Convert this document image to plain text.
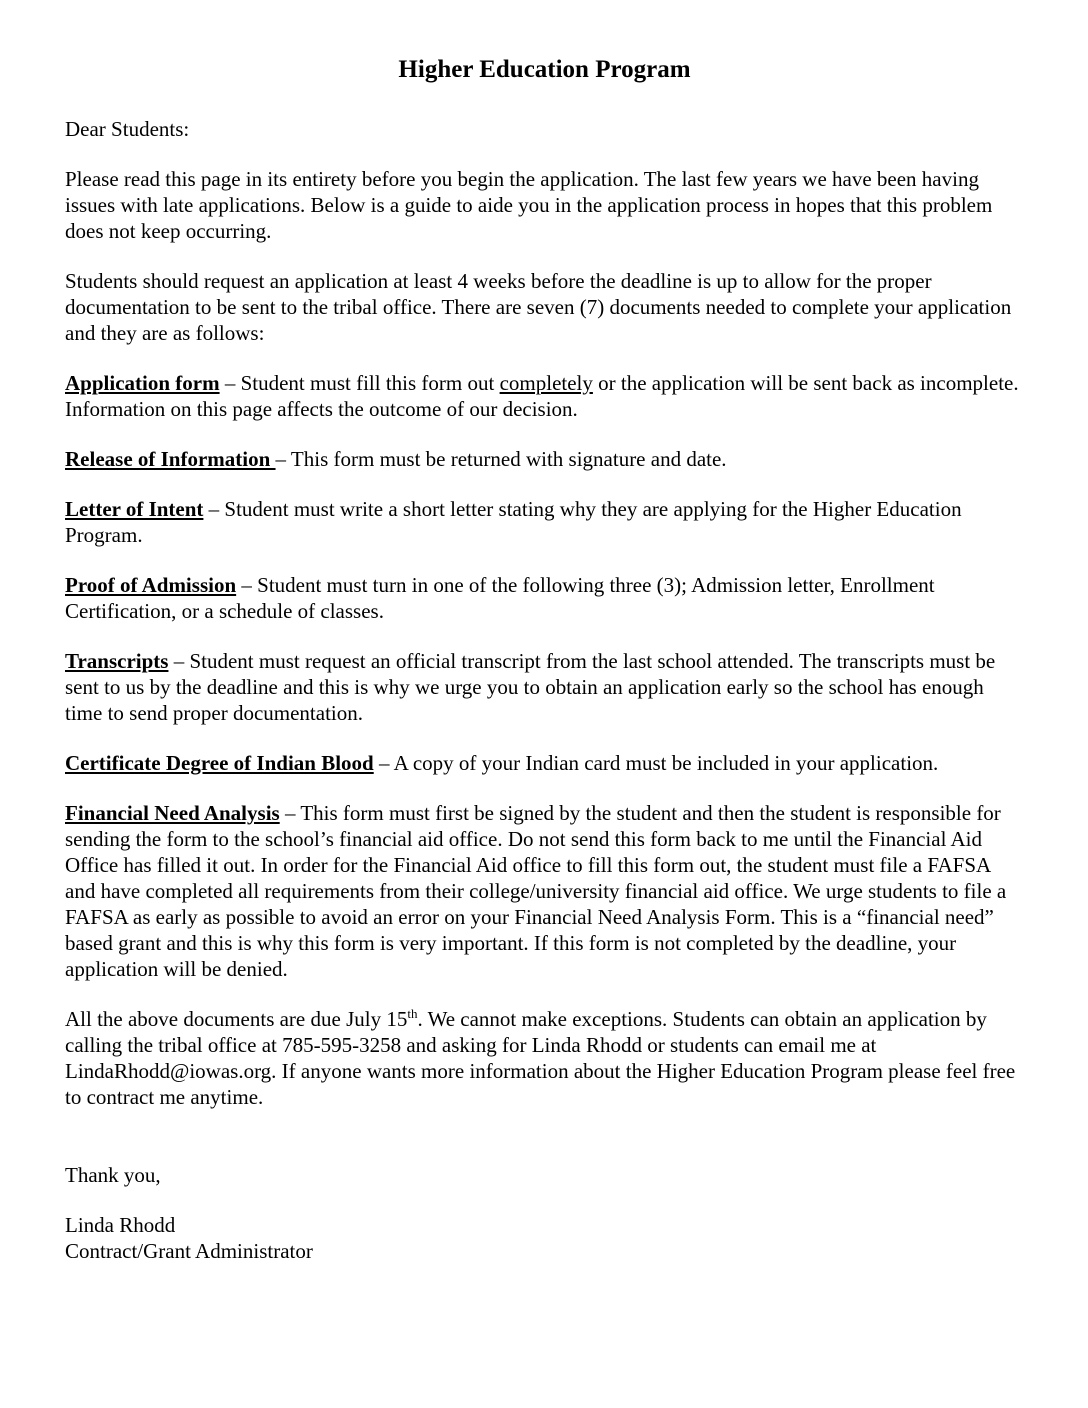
Higher Education Program

Dear Students:

Please read this page in its entirety before you begin the application. The last few years we have been having issues with late applications. Below is a guide to aide you in the application process in hopes that this problem does not keep occurring.

Students should request an application at least 4 weeks before the deadline is up to allow for the proper documentation to be sent to the tribal office. There are seven (7) documents needed to complete your application and they are as follows:

Application form – Student must fill this form out completely or the application will be sent back as incomplete. Information on this page affects the outcome of our decision.

Release of Information – This form must be returned with signature and date.

Letter of Intent – Student must write a short letter stating why they are applying for the Higher Education Program.

Proof of Admission – Student must turn in one of the following three (3); Admission letter, Enrollment Certification, or a schedule of classes.

Transcripts – Student must request an official transcript from the last school attended. The transcripts must be sent to us by the deadline and this is why we urge you to obtain an application early so the school has enough time to send proper documentation.

Certificate Degree of Indian Blood – A copy of your Indian card must be included in your application.

Financial Need Analysis – This form must first be signed by the student and then the student is responsible for sending the form to the school’s financial aid office. Do not send this form back to me until the Financial Aid Office has filled it out. In order for the Financial Aid office to fill this form out, the student must file a FAFSA and have completed all requirements from their college/university financial aid office. We urge students to file a FAFSA as early as possible to avoid an error on your Financial Need Analysis Form. This is a “financial need” based grant and this is why this form is very important. If this form is not completed by the deadline, your application will be denied.

All the above documents are due July 15th. We cannot make exceptions. Students can obtain an application by calling the tribal office at 785-595-3258 and asking for Linda Rhodd or students can email me at LindaRhodd@iowas.org. If anyone wants more information about the Higher Education Program please feel free to contract me anytime.

Thank you,

Linda Rhodd

Contract/Grant Administrator
